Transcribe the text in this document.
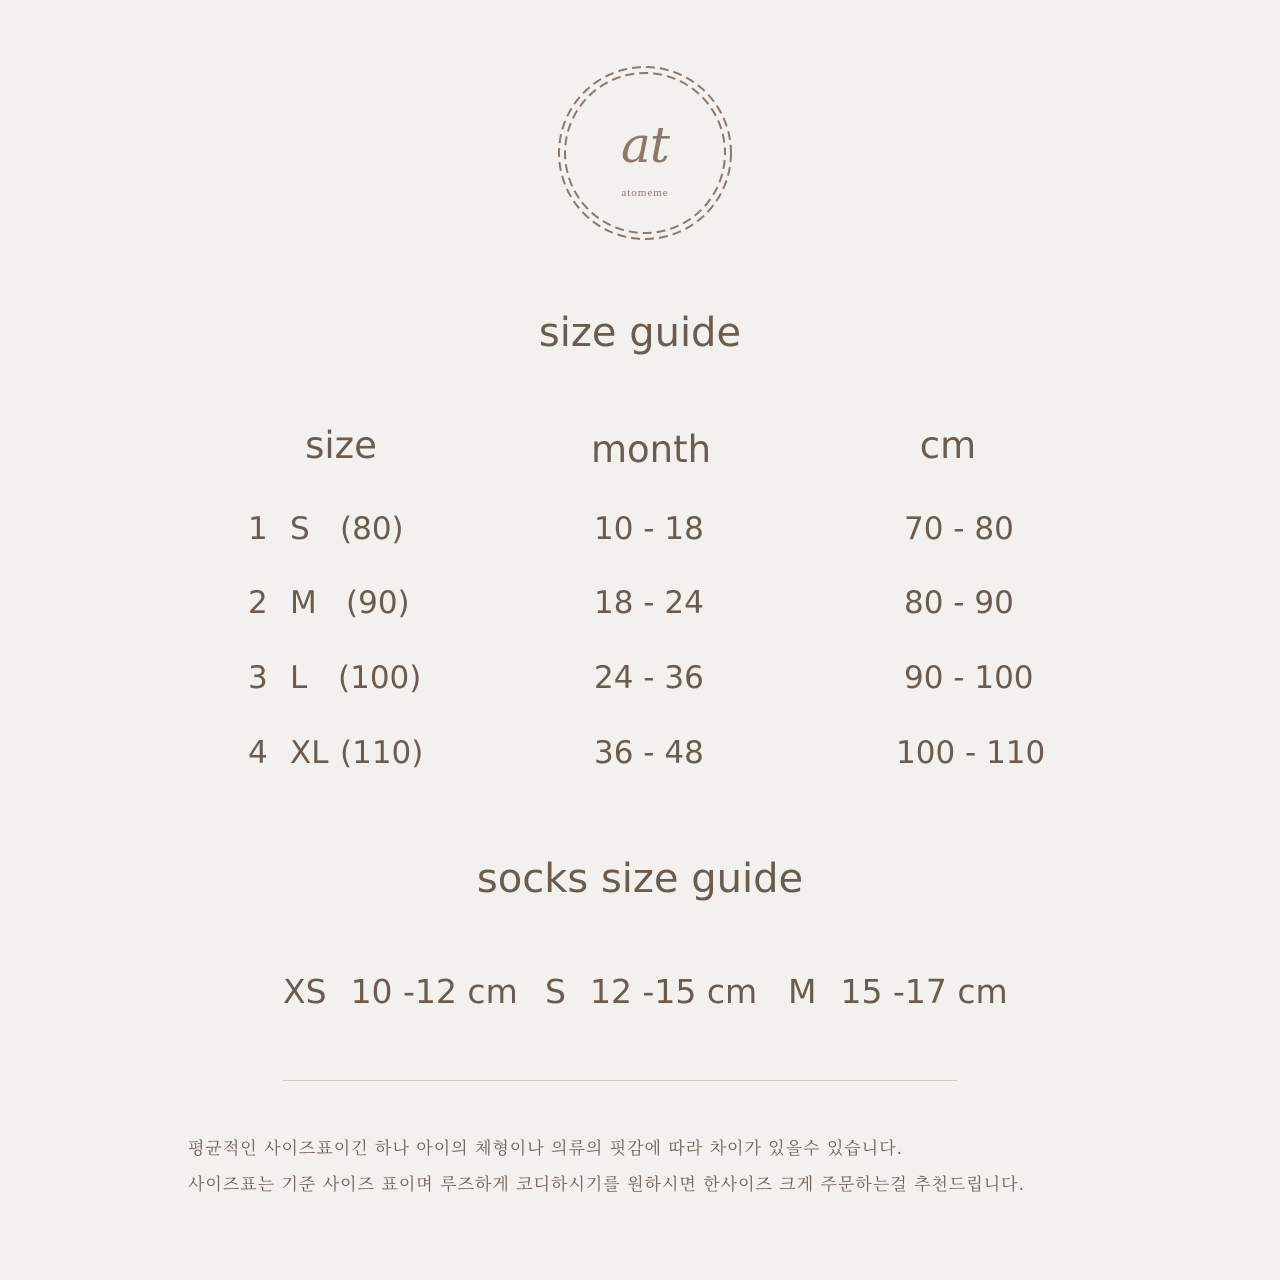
at
atomeme
size guide
size	month	cm
1 S (80)	10 - 18	70 - 80
2 M (90)	18 - 24	80 - 90
3 L (100)	24 - 36	90 - 100
4 XL (110)	36 - 48	100 - 110
socks size guide
XS 10 -12 cm S 12 -15 cm M 15 -17 cm
평균적인 사이즈표이긴 하나 아이의 체형이나 의류의 핏감에 따라 차이가 있을수 있습니다.
사이즈표는 기준 사이즈 표이며 루즈하게 코디하시기를 원하시면 한사이즈 크게 주문하는걸 추천드립니다.
